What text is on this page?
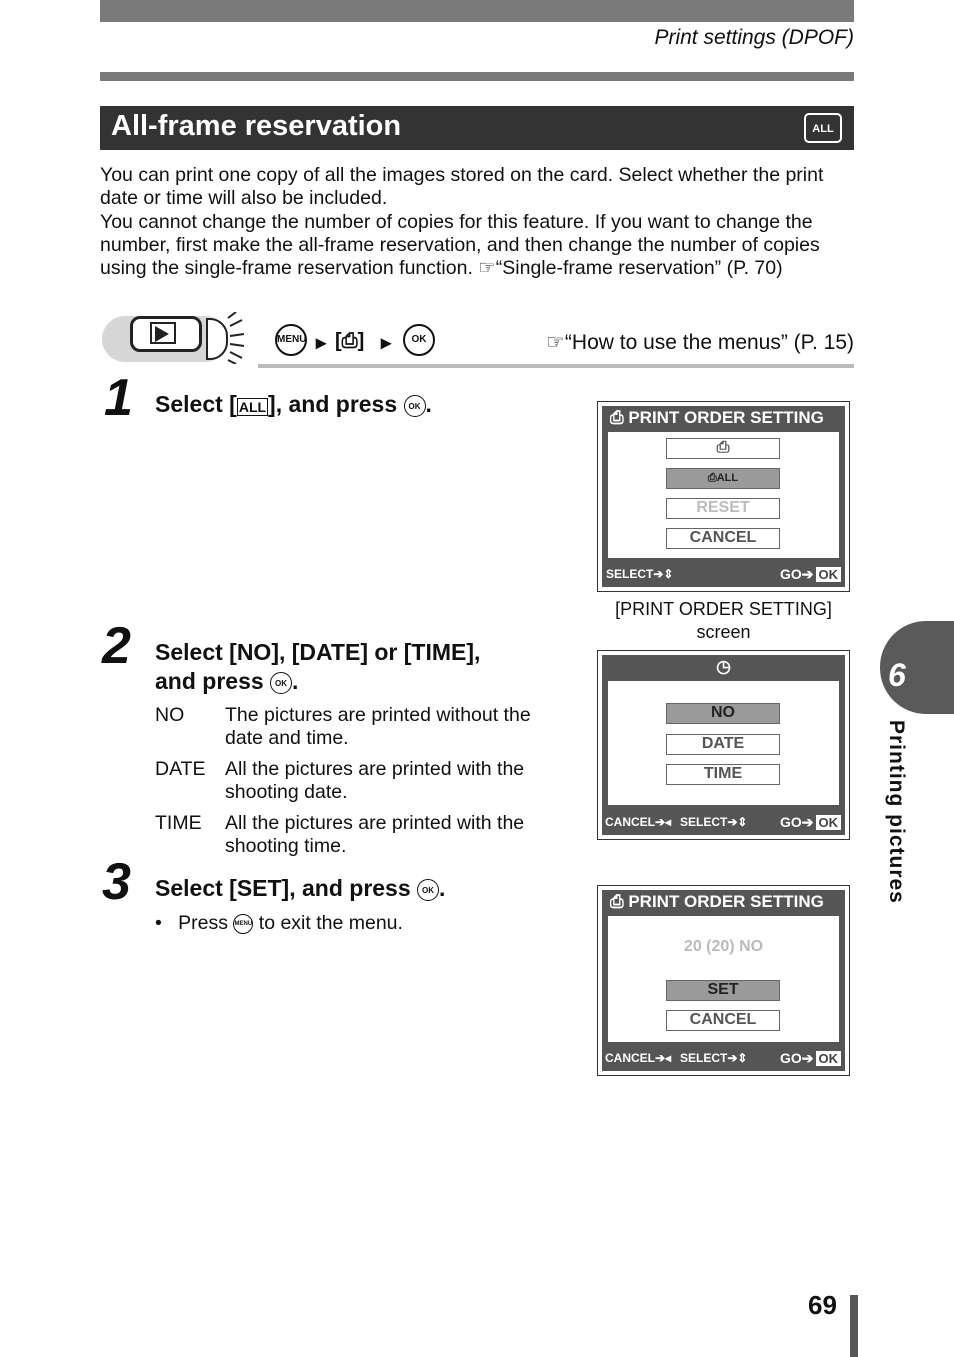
Print settings (DPOF)
All-frame reservation	ALL

You can print one copy of all the images stored on the card. Select whether the print date or time will also be included.

You cannot change the number of copies for this feature. If you want to change the number, first make the all-frame reservation, and then change the number of copies using the single-frame reservation function. ☞“Single-frame reservation” (P. 70)

MENU ▸ [⎙] ▸	OK	☞“How to use the menus” (P. 15)
1 Select [ ALL], and press OK .
2 Select [NO], [DATE] or [TIME],
and press OK .
NO	The pictures are printed without the date and time.
DATE All the pictures are printed with the shooting date.
TIME	All the pictures are printed with the shooting time.
3 Select [SET], and press OK .
•   Press MENU to exit the menu.
⎙ PRINT ORDER SETTING
⎙
⎙ALL
RESET
CANCEL
SELECT➔⇕	GO➔ OK
[PRINT ORDER SETTING]
screen
◷
NO
DATE
TIME
CANCEL➔◂ SELECT➔⇕ GO➔ OK
⎙ PRINT ORDER SETTING
20 (20) NO
SET
CANCEL
CANCEL➔◂ SELECT➔⇕ GO➔ OK
6
Printing pictures
69
